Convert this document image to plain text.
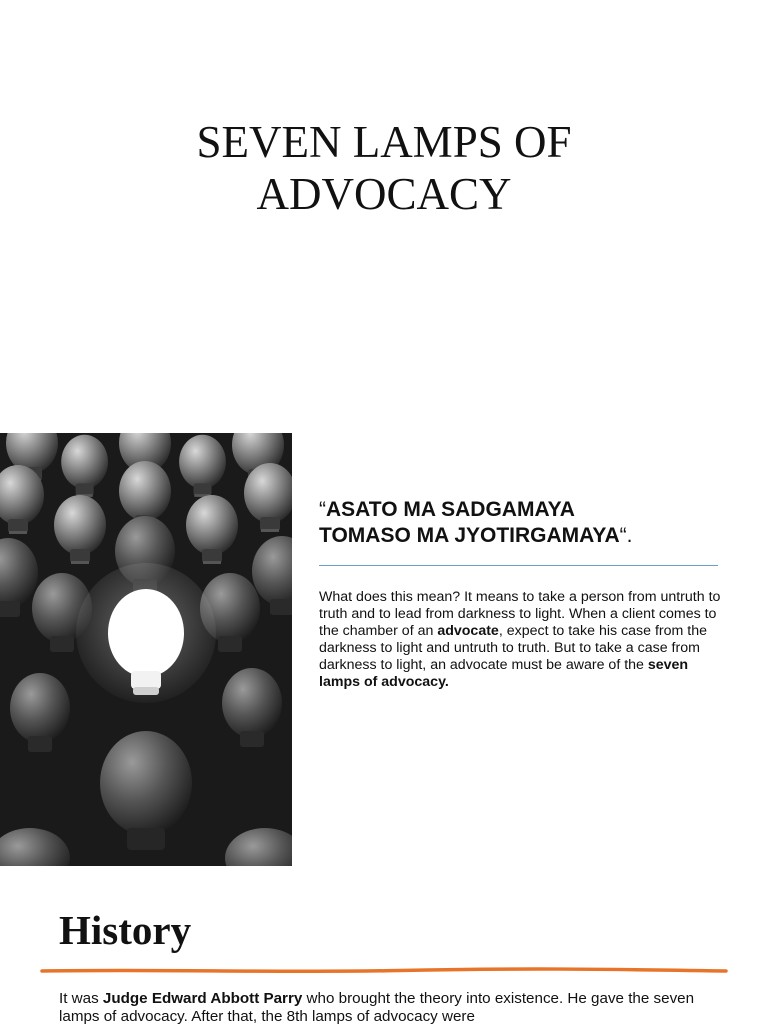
SEVEN LAMPS OF
ADVOCACY
“ASATO MA SADGAMAYA
TOMASO MA JYOTIRGAMAYA“.
What does this mean? It means to take a person from untruth to truth and to lead from darkness to light. When a client comes to the chamber of an advocate, expect to take his case from the darkness to light and untruth to truth. But to take a case from darkness to light, an advocate must be aware of the seven lamps of advocacy.
History
It was Judge Edward Abbott Parry who brought the theory into existence. He gave the seven lamps of advocacy. After that, the 8th lamps of advocacy were
